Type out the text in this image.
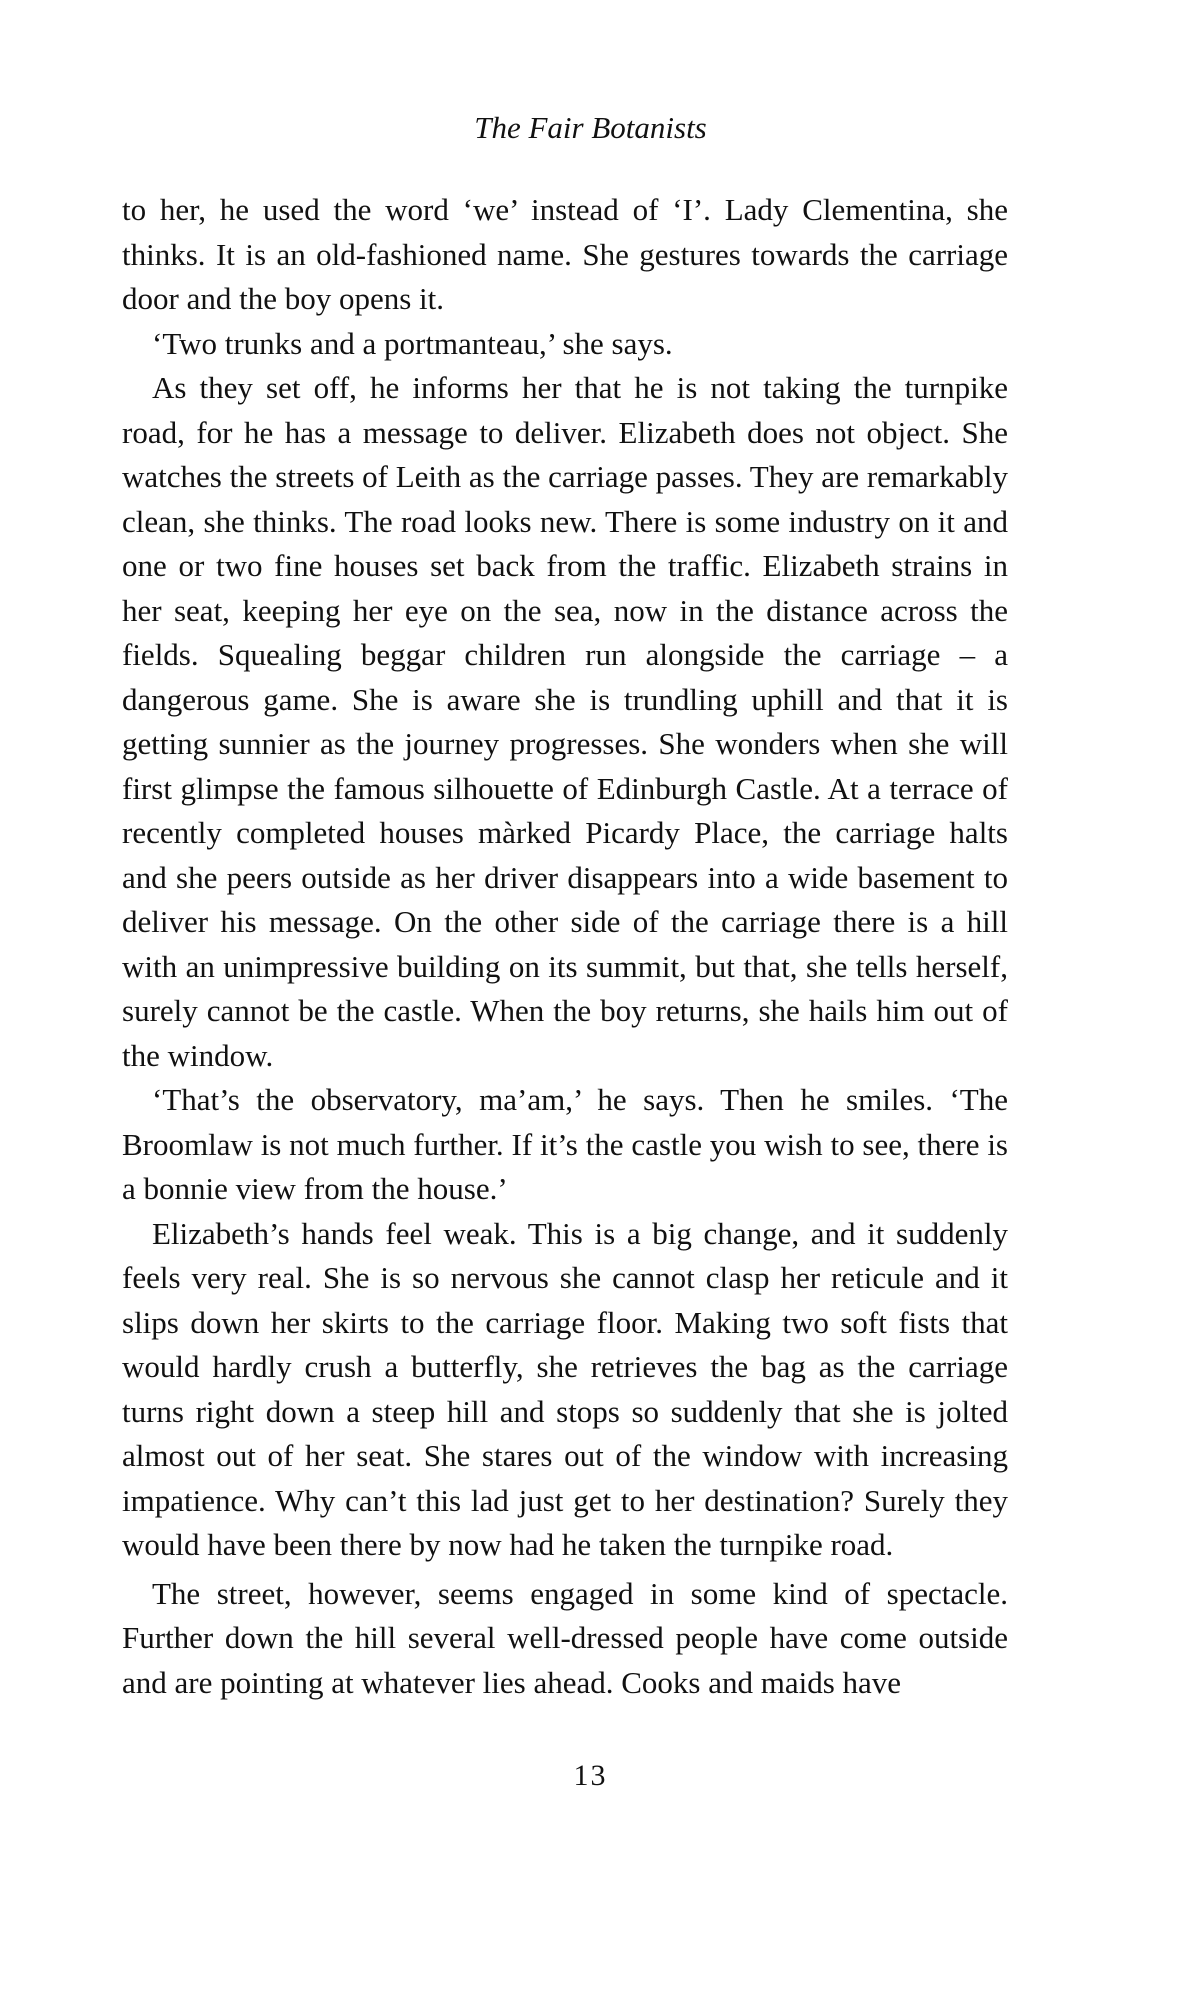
The Fair Botanists

to her, he used the word ‘we’ instead of ‘I’. Lady Clementina, she thinks. It is an old-fashioned name. She gestures towards the carriage door and the boy opens it.

‘Two trunks and a portmanteau,’ she says.

As they set off, he informs her that he is not taking the turnpike road, for he has a message to deliver. Elizabeth does not object. She watches the streets of Leith as the carriage passes. They are remarkably clean, she thinks. The road looks new. There is some industry on it and one or two fine houses set back from the traffic. Elizabeth strains in her seat, keeping her eye on the sea, now in the distance across the fields. Squealing beggar children run alongside the carriage – a dangerous game. She is aware she is trundling uphill and that it is getting sunnier as the journey progresses. She wonders when she will first glimpse the famous silhouette of Edinburgh Castle. At a terrace of recently completed houses màrked Picardy Place, the carriage halts and she peers outside as her driver disappears into a wide basement to deliver his message. On the other side of the carriage there is a hill with an unimpressive building on its summit, but that, she tells herself, surely cannot be the castle. When the boy returns, she hails him out of the window.

‘That’s the observatory, ma’am,’ he says. Then he smiles. ‘The Broomlaw is not much further. If it’s the castle you wish to see, there is a bonnie view from the house.’

Elizabeth’s hands feel weak. This is a big change, and it suddenly feels very real. She is so nervous she cannot clasp her reticule and it slips down her skirts to the carriage floor. Making two soft fists that would hardly crush a butterfly, she retrieves the bag as the carriage turns right down a steep hill and stops so suddenly that she is jolted almost out of her seat. She stares out of the window with increasing impatience. Why can’t this lad just get to her destination? Surely they would have been there by now had he taken the turnpike road.

The street, however, seems engaged in some kind of spectacle. Further down the hill several well-dressed people have come outside and are pointing at whatever lies ahead. Cooks and maids have

13
